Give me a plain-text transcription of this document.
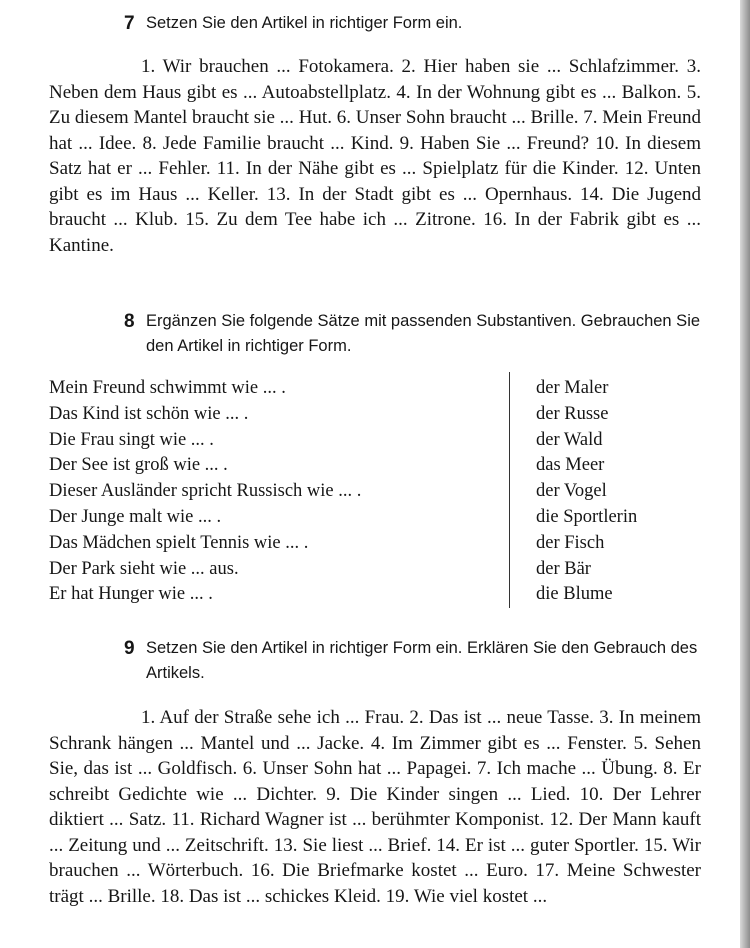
7 Setzen Sie den Artikel in richtiger Form ein.
1. Wir brauchen ... Fotokamera. 2. Hier haben sie ... Schlafzimmer. 3. Neben dem Haus gibt es ... Autoabstellplatz. 4. In der Wohnung gibt es ... Balkon. 5. Zu diesem Mantel braucht sie ... Hut. 6. Unser Sohn braucht ... Brille. 7. Mein Freund hat ... Idee. 8. Jede Familie braucht ... Kind. 9. Haben Sie ... Freund? 10. In diesem Satz hat er ... Fehler. 11. In der Nähe gibt es ... Spielplatz für die Kinder. 12. Unten gibt es im Haus ... Keller. 13. In der Stadt gibt es ... Opernhaus. 14. Die Jugend braucht ... Klub. 15. Zu dem Tee habe ich ... Zitrone. 16. In der Fabrik gibt es ... Kantine.
8 Ergänzen Sie folgende Sätze mit passenden Substantiven. Gebrauchen Sie den Artikel in richtiger Form.
Mein Freund schwimmt wie ... .
Das Kind ist schön wie ... .
Die Frau singt wie ... .
Der See ist groß wie ... .
Dieser Ausländer spricht Russisch wie ... .
Der Junge malt wie ... .
Das Mädchen spielt Tennis wie ... .
Der Park sieht wie ... aus.
Er hat Hunger wie ... .
der Maler
der Russe
der Wald
das Meer
der Vogel
die Sportlerin
der Fisch
der Bär
die Blume
9 Setzen Sie den Artikel in richtiger Form ein. Erklären Sie den Gebrauch des Artikels.
1. Auf der Straße sehe ich ... Frau. 2. Das ist ... neue Tasse. 3. In meinem Schrank hängen ... Mantel und ... Jacke. 4. Im Zimmer gibt es ... Fenster. 5. Sehen Sie, das ist ... Goldfisch. 6. Unser Sohn hat ... Papagei. 7. Ich mache ... Übung. 8. Er schreibt Gedichte wie ... Dichter. 9. Die Kinder singen ... Lied. 10. Der Lehrer diktiert ... Satz. 11. Richard Wagner ist ... berühmter Komponist. 12. Der Mann kauft ... Zeitung und ... Zeitschrift. 13. Sie liest ... Brief. 14. Er ist ... guter Sportler. 15. Wir brauchen ... Wörterbuch. 16. Die Briefmarke kostet ... Euro. 17. Meine Schwester trägt ... Brille. 18. Das ist ... schickes Kleid. 19. Wie viel kostet ...
